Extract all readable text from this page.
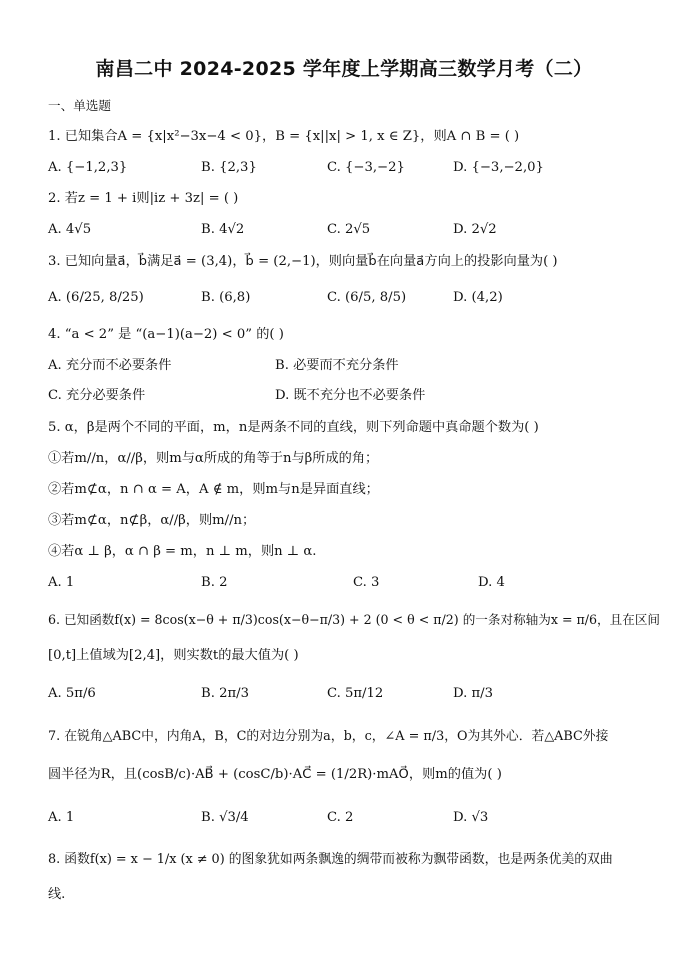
南昌二中 2024-2025 学年度上学期高三数学月考（二）
一、单选题
1. 已知集合A = {x|x²−3x−4 < 0}，B = {x||x| > 1, x ∈ Z}，则A ∩ B = ( )
A. {−1,2,3}	B. {2,3}	C. {−3,−2}	D. {−3,−2,0}
2. 若z = 1 + i则|iz + 3z| = ( )
A. 4√5	B. 4√2	C. 2√5	D. 2√2
3. 已知向量a⃗，b⃗满足a⃗ = (3,4)，b⃗ = (2,−1)，则向量b⃗在向量a⃗方向上的投影向量为( )
A. (6/25, 8/25)	B. (6,8)	C. (6/5, 8/5)	D. (4,2)
4. “a < 2” 是 “(a−1)(a−2) < 0” 的( )
A. 充分而不必要条件	B. 必要而不充分条件
C. 充分必要条件	D. 既不充分也不必要条件
5. α，β是两个不同的平面，m，n是两条不同的直线，则下列命题中真命题个数为( )
①若m//n，α//β，则m与α所成的角等于n与β所成的角；
②若m⊄α，n ∩ α = A，A ∉ m，则m与n是异面直线；
③若m⊄α，n⊄β，α//β，则m//n；
④若α ⊥ β，α ∩ β = m，n ⊥ m，则n ⊥ α.
A. 1	B. 2	C. 3	D. 4
6. 已知函数f(x) = 8cos(x−θ + π/3)cos(x−θ−π/3) + 2 (0 < θ < π/2) 的一条对称轴为x = π/6，且在区间
[0,t]上值域为[2,4]，则实数t的最大值为( )
A. 5π/6	B. 2π/3	C. 5π/12	D. π/3
7. 在锐角△ABC中，内角A，B，C的对边分别为a，b，c，∠A = π/3，O为其外心．若△ABC外接
圆半径为R，且(cosB/c)·AB⃗ + (cosC/b)·AC⃗ = (1/2R)·mAO⃗，则m的值为( )
A. 1	B. √3/4	C. 2	D. √3
8. 函数f(x) = x − 1/x (x ≠ 0) 的图象犹如两条飘逸的绸带而被称为飘带函数，也是两条优美的双曲
线.
